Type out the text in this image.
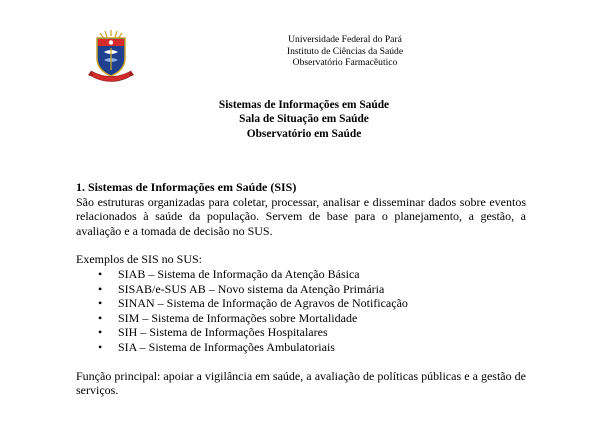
Universidade Federal do Pará
Instituto de Ciências da Saúde
Observatório Farmacêutico
Sistemas de Informações em Saúde
Sala de Situação em Saúde
Observatório em Saúde
1. Sistemas de Informações em Saúde (SIS)
São estruturas organizadas para coletar, processar, analisar e disseminar dados sobre eventos relacionados à saúde da população. Servem de base para o planejamento, a gestão, a avaliação e a tomada de decisão no SUS.
Exemplos de SIS no SUS:
• SIAB – Sistema de Informação da Atenção Básica
• SISAB/e-SUS AB – Novo sistema da Atenção Primária
• SINAN – Sistema de Informação de Agravos de Notificação
• SIM – Sistema de Informações sobre Mortalidade
• SIH – Sistema de Informações Hospitalares
• SIA – Sistema de Informações Ambulatoriais
Função principal: apoiar a vigilância em saúde, a avaliação de políticas públicas e a gestão de serviços.
